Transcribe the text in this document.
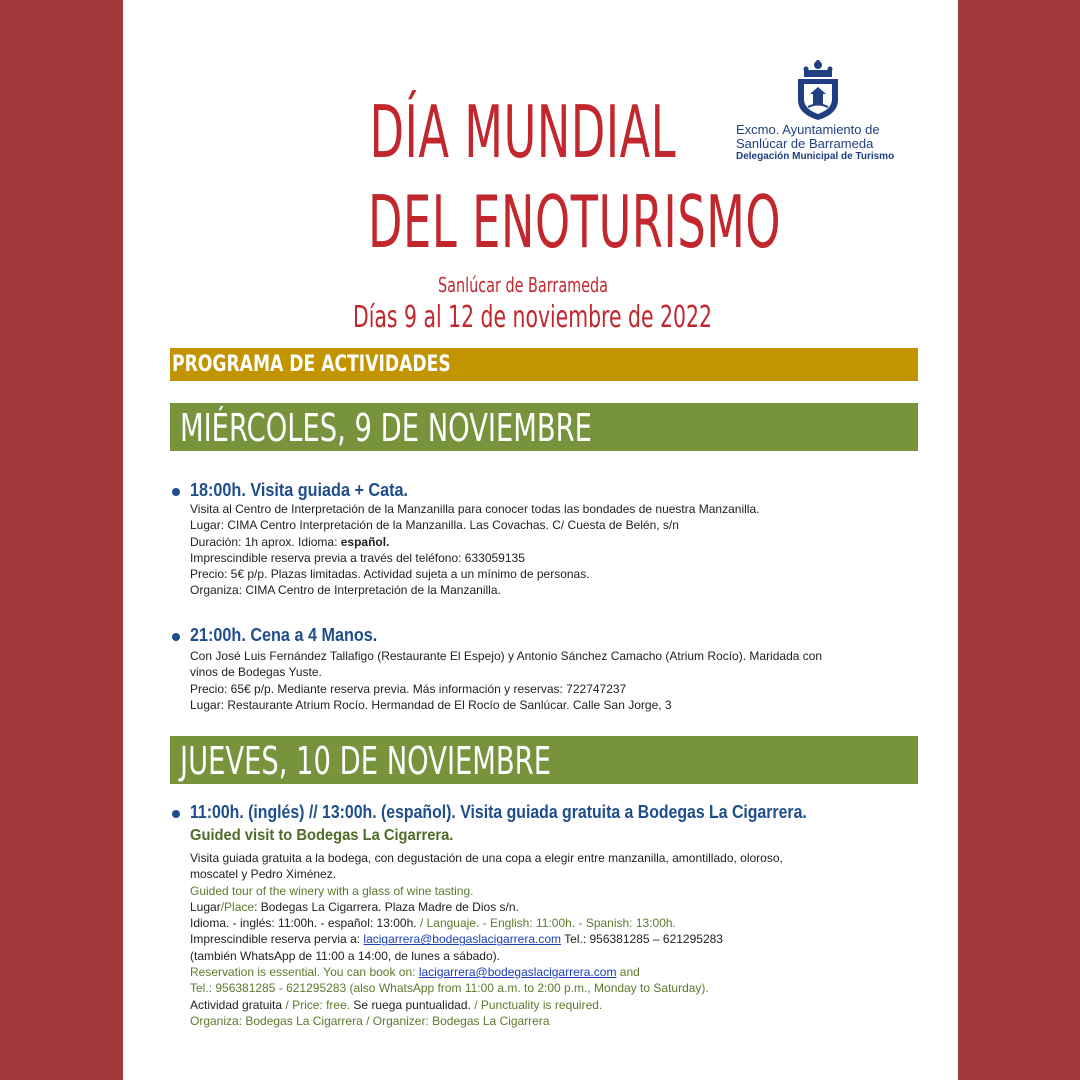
DÍA MUNDIAL
DEL ENOTURISMO
Sanlúcar de Barrameda
Días 9 al 12 de noviembre de 2022
Excmo. Ayuntamiento de
Sanlúcar de Barrameda
Delegación Municipal de Turismo
PROGRAMA DE ACTIVIDADES
MIÉRCOLES, 9 DE NOVIEMBRE
18:00h. Visita guiada + Cata.
Visita al Centro de Interpretación de la Manzanilla para conocer todas las bondades de nuestra Manzanilla.
Lugar: CIMA Centro Interpretación de la Manzanilla. Las Covachas. C/ Cuesta de Belén, s/n
Duración: 1h aprox. Idioma: español.
Imprescindible reserva previa a través del teléfono: 633059135
Precio: 5€ p/p. Plazas limitadas. Actividad sujeta a un mínimo de personas.
Organiza: CIMA Centro de Interpretación de la Manzanilla.
21:00h. Cena a 4 Manos.
Con José Luis Fernández Tallafigo (Restaurante El Espejo) y Antonio Sánchez Camacho (Atrium Rocío). Maridada con
vinos de Bodegas Yuste.
Precio: 65€ p/p. Mediante reserva previa. Más información y reservas: 722747237
Lugar: Restaurante Atrium Rocío. Hermandad de El Rocío de Sanlúcar. Calle San Jorge, 3
JUEVES, 10 DE NOVIEMBRE
11:00h. (inglés) // 13:00h. (español). Visita guiada gratuita a Bodegas La Cigarrera.
Guided visit to Bodegas La Cigarrera.
Visita guiada gratuita a la bodega, con degustación de una copa a elegir entre manzanilla, amontillado, oloroso,
moscatel y Pedro Ximénez.
Guided tour of the winery with a glass of wine tasting.
Lugar/Place: Bodegas La Cigarrera. Plaza Madre de Dios s/n.
Idioma. - inglés: 11:00h. - español: 13:00h. / Languaje. - English: 11:00h. - Spanish: 13:00h.
Imprescindible reserva pervia a: lacigarrera@bodegaslacigarrera.com Tel.: 956381285 – 621295283
(también WhatsApp de 11:00 a 14:00, de lunes a sábado).
Reservation is essential. You can book on: lacigarrera@bodegaslacigarrera.com and
Tel.: 956381285 - 621295283 (also WhatsApp from 11:00 a.m. to 2:00 p.m., Monday to Saturday).
Actividad gratuita / Price: free. Se ruega puntualidad. / Punctuality is required.
Organiza: Bodegas La Cigarrera / Organizer: Bodegas La Cigarrera
